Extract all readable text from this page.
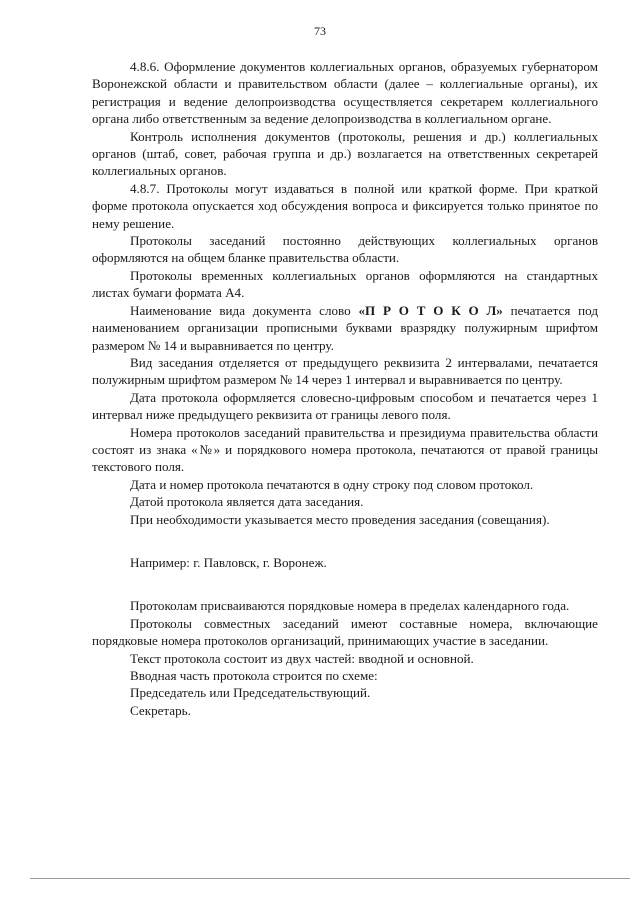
73

4.8.6. Оформление документов коллегиальных органов, образуемых губернатором Воронежской области и правительством области (далее – коллегиальные органы), их регистрация и ведение делопроизводства осуществляется секретарем коллегиального органа либо ответственным за ведение делопроизводства в коллегиальном органе.

Контроль исполнения документов (протоколы, решения и др.) коллегиальных органов (штаб, совет, рабочая группа и др.) возлагается на ответственных секретарей коллегиальных органов.

4.8.7. Протоколы могут издаваться в полной или краткой форме. При краткой форме протокола опускается ход обсуждения вопроса и фиксируется только принятое по нему решение.

Протоколы заседаний постоянно действующих коллегиальных органов оформляются на общем бланке правительства области.

Протоколы временных коллегиальных органов оформляются на стандартных листах бумаги формата А4.

Наименование вида документа слово «П Р О Т О К О Л» печатается под наименованием организации прописными буквами вразрядку полужирным шрифтом размером № 14 и выравнивается по центру.

Вид заседания отделяется от предыдущего реквизита 2 интервалами, печатается полужирным шрифтом размером № 14 через 1 интервал и выравнивается по центру.

Дата протокола оформляется словесно-цифровым способом и печатается через 1 интервал ниже предыдущего реквизита от границы левого поля.

Номера протоколов заседаний правительства и президиума правительства области состоят из знака «№» и порядкового номера протокола, печатаются от правой границы текстового поля.

Дата и номер протокола печатаются в одну строку под словом протокол.

Датой протокола является дата заседания.

При необходимости указывается место проведения заседания (совещания).

Например: г. Павловск, г. Воронеж.

Протоколам присваиваются порядковые номера в пределах календарного года.

Протоколы совместных заседаний имеют составные номера, включающие порядковые номера протоколов организаций, принимающих участие в заседании.

Текст протокола состоит из двух частей: вводной и основной.

Вводная часть протокола строится по схеме:

Председатель или Председательствующий.

Секретарь.
